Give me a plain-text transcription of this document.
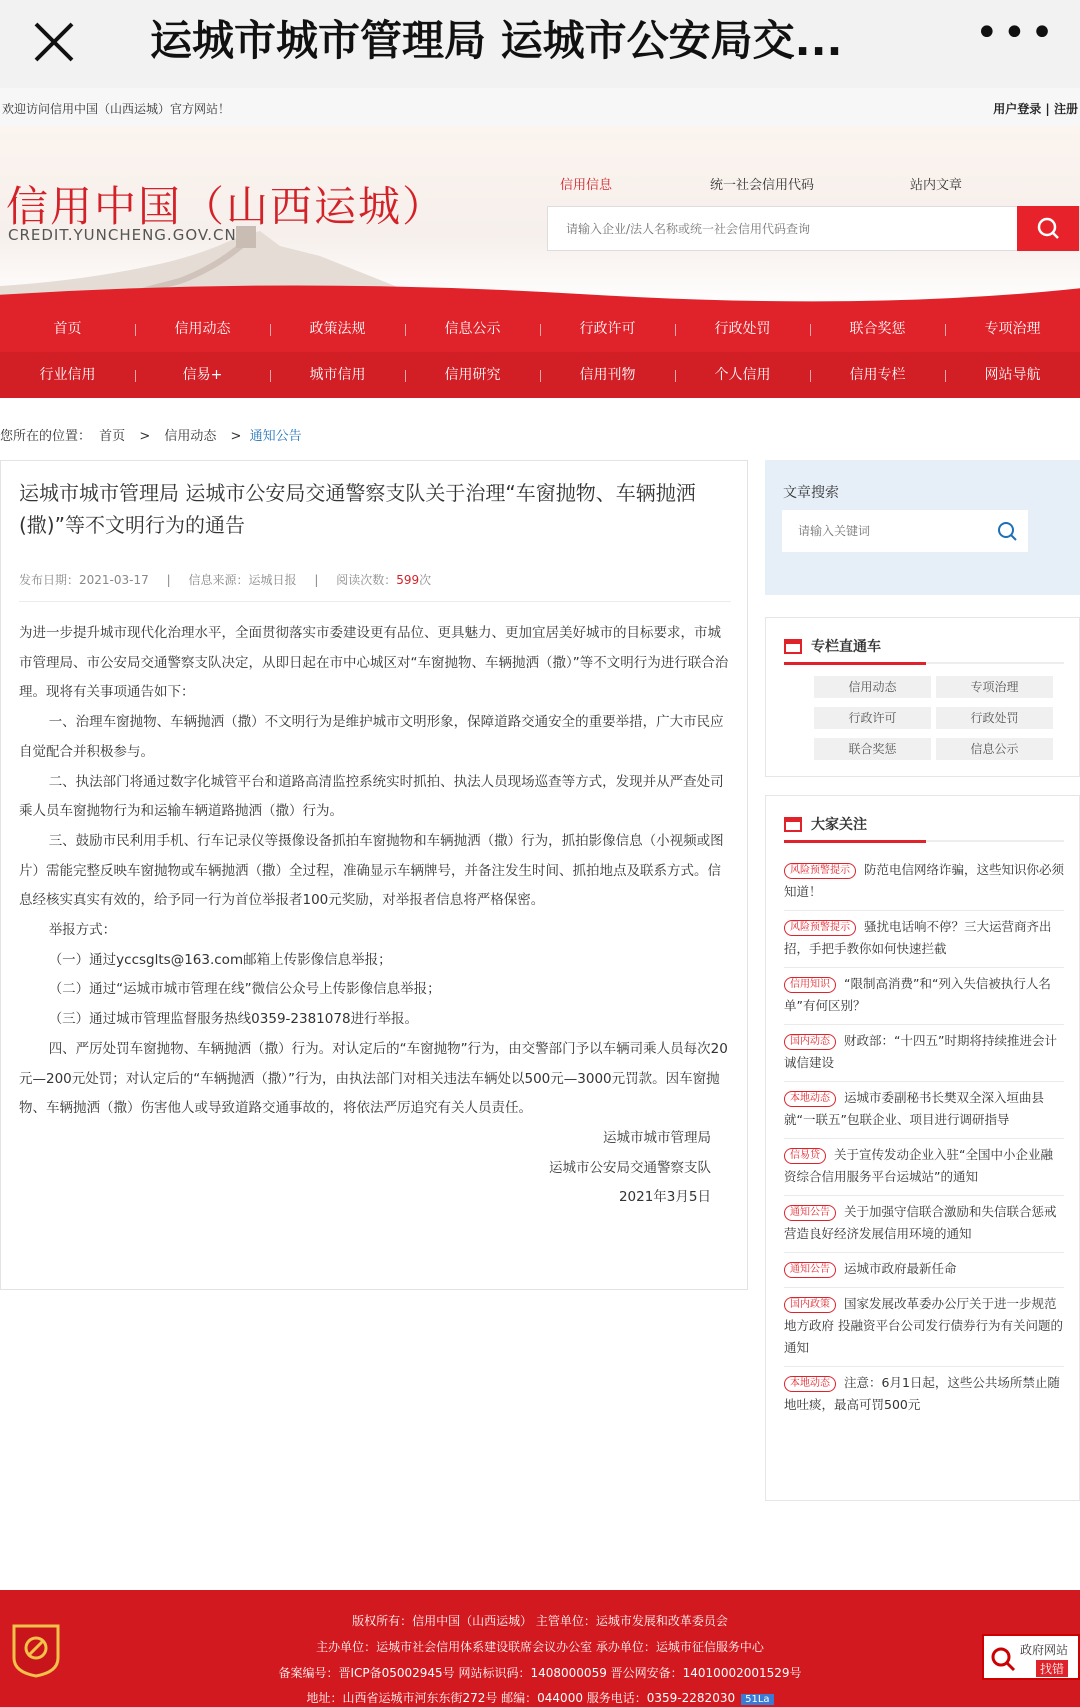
运城市城市管理局 运城市公安局交...	•••
欢迎访问信用中国（山西运城）官方网站！	用户登录 | 注册
信用中国（山西运城）
CREDIT.YUNCHENG.GOV.CN
信用信息	统一社会信用代码	站内文章
请输入企业/法人名称或统一社会信用代码查询
首页	信用动态	政策法规	信息公示	行政许可	行政处罚	联合奖惩	专项治理
行业信用	信易+	城市信用	信用研究	信用刊物	个人信用	信用专栏	网站导航
您所在的位置： 首页 > 信用动态 > 通知公告
运城市城市管理局 运城市公安局交通警察支队关于治理“车窗抛物、车辆抛洒(撒)”等不文明行为的通告
发布日期：2021-03-17 | 信息来源：运城日报 | 阅读次数：599次

为进一步提升城市现代化治理水平，全面贯彻落实市委建设更有品位、更具魅力、更加宜居美好城市的目标要求，市城市管理局、市公安局交通警察支队决定，从即日起在市中心城区对“车窗抛物、车辆抛洒（撒）”等不文明行为进行联合治理。现将有关事项通告如下：

一、治理车窗抛物、车辆抛洒（撒）不文明行为是维护城市文明形象，保障道路交通安全的重要举措，广大市民应自觉配合并积极参与。

二、执法部门将通过数字化城管平台和道路高清监控系统实时抓拍、执法人员现场巡查等方式，发现并从严查处司乘人员车窗抛物行为和运输车辆道路抛洒（撒）行为。

三、鼓励市民利用手机、行车记录仪等摄像设备抓拍车窗抛物和车辆抛洒（撒）行为，抓拍影像信息（小视频或图片）需能完整反映车窗抛物或车辆抛洒（撒）全过程，准确显示车辆牌号，并备注发生时间、抓拍地点及联系方式。信息经核实真实有效的，给予同一行为首位举报者100元奖励，对举报者信息将严格保密。

举报方式：

（一）通过yccsglts@163.com邮箱上传影像信息举报；

（二）通过“运城市城市管理在线”微信公众号上传影像信息举报；

（三）通过城市管理监督服务热线0359-2381078进行举报。

四、严厉处罚车窗抛物、车辆抛洒（撒）行为。对认定后的“车窗抛物”行为，由交警部门予以车辆司乘人员每次20元—200元处罚；对认定后的“车辆抛洒（撒）”行为，由执法部门对相关违法车辆处以500元—3000元罚款。因车窗抛物、车辆抛洒（撒）伤害他人或导致道路交通事故的，将依法严厉追究有关人员责任。

运城市城市管理局

运城市公安局交通警察支队

2021年3月5日

文章搜索
请输入关键词
专栏直通车
信用动态	专项治理
行政许可	行政处罚
联合奖惩	信息公示
大家关注
风险预警提示 防范电信网络诈骗，这些知识你必须知道！
风险预警提示 骚扰电话响不停？三大运营商齐出招，手把手教你如何快速拦截
信用知识 “限制高消费”和“列入失信被执行人名单”有何区别？
国内动态 财政部：“十四五”时期将持续推进会计诚信建设
本地动态 运城市委副秘书长樊双全深入垣曲县就“一联五”包联企业、项目进行调研指导
信易贷 关于宣传发动企业入驻“全国中小企业融资综合信用服务平台运城站”的通知
通知公告 关于加强守信联合激励和失信联合惩戒营造良好经济发展信用环境的通知
通知公告 运城市政府最新任命
国内政策 国家发展改革委办公厅关于进一步规范地方政府 投融资平台公司发行债券行为有关问题的通知
本地动态 注意：6月1日起，这些公共场所禁止随地吐痰，最高可罚500元
版权所有：信用中国（山西运城） 主管单位：运城市发展和改革委员会
主办单位：运城市社会信用体系建设联席会议办公室 承办单位：运城市征信服务中心
备案编号：晋ICP备05002945号 网站标识码：1408000059 晋公网安备：14010002001529号
地址：山西省运城市河东东街272号 邮编：044000 服务电话：0359-2282030 51La
政府网站
找错
